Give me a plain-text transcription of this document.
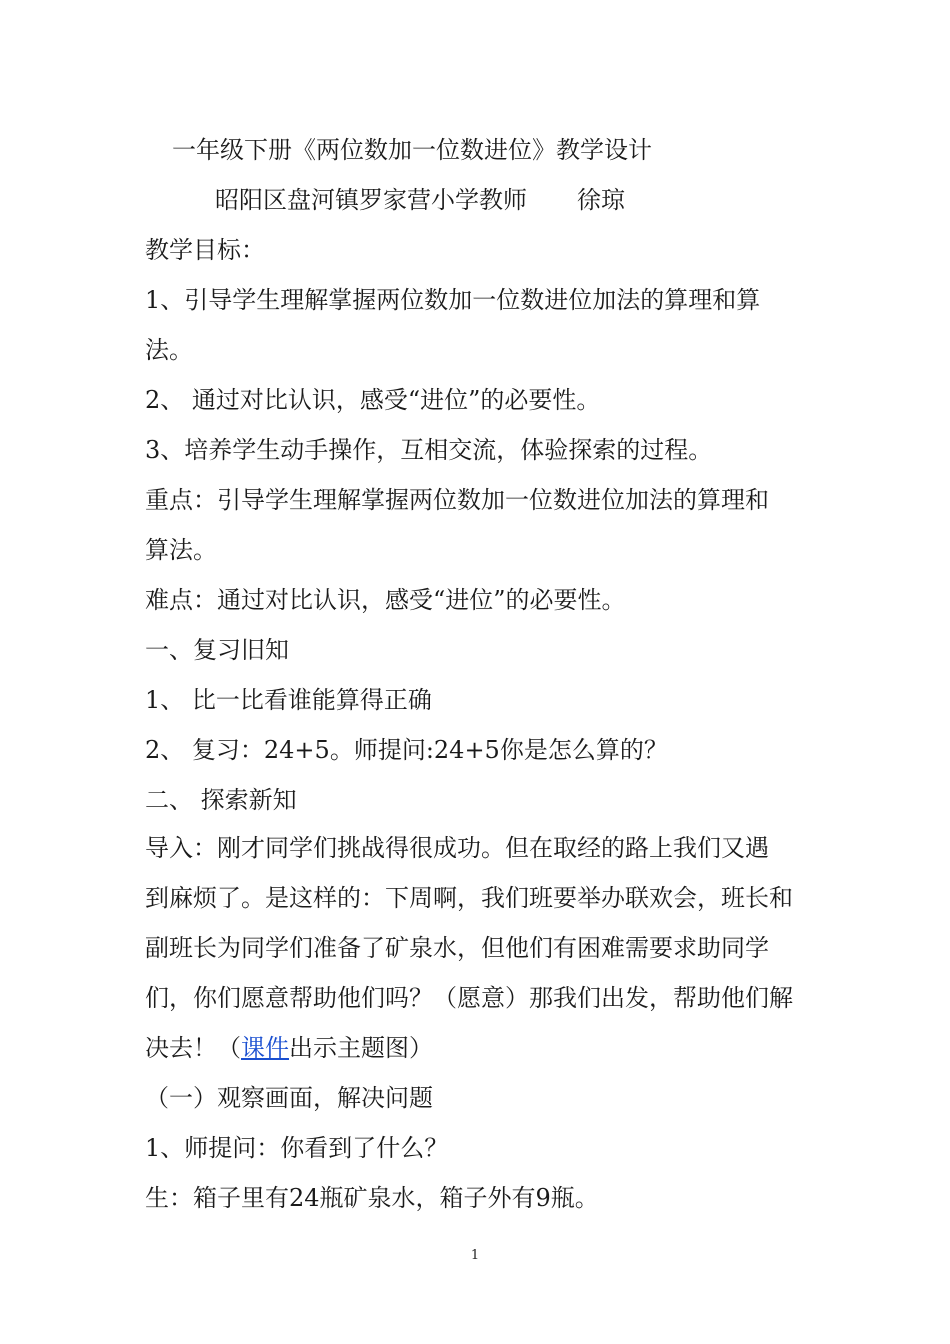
一年级下册《两位数加一位数进位》教学设计
昭阳区盘河镇罗家营小学教师 徐琼
教学目标：
1、引导学生理解掌握两位数加一位数进位加法的算理和算
法。
2、 通过对比认识，感受“进位”的必要性。
3、培养学生动手操作，互相交流，体验探索的过程。
重点：引导学生理解掌握两位数加一位数进位加法的算理和
算法。
难点：通过对比认识，感受“进位”的必要性。
一、复习旧知
1、 比一比看谁能算得正确
2、 复习：24+5。师提问:24+5你是怎么算的？
二、 探索新知
导入：刚才同学们挑战得很成功。但在取经的路上我们又遇
到麻烦了。是这样的：下周啊，我们班要举办联欢会，班长和
副班长为同学们准备了矿泉水，但他们有困难需要求助同学
们，你们愿意帮助他们吗？（愿意）那我们出发，帮助他们解
决去！（课件出示主题图）
（一）观察画面，解决问题
1、师提问：你看到了什么？
生：箱子里有24瓶矿泉水，箱子外有9瓶。
1
